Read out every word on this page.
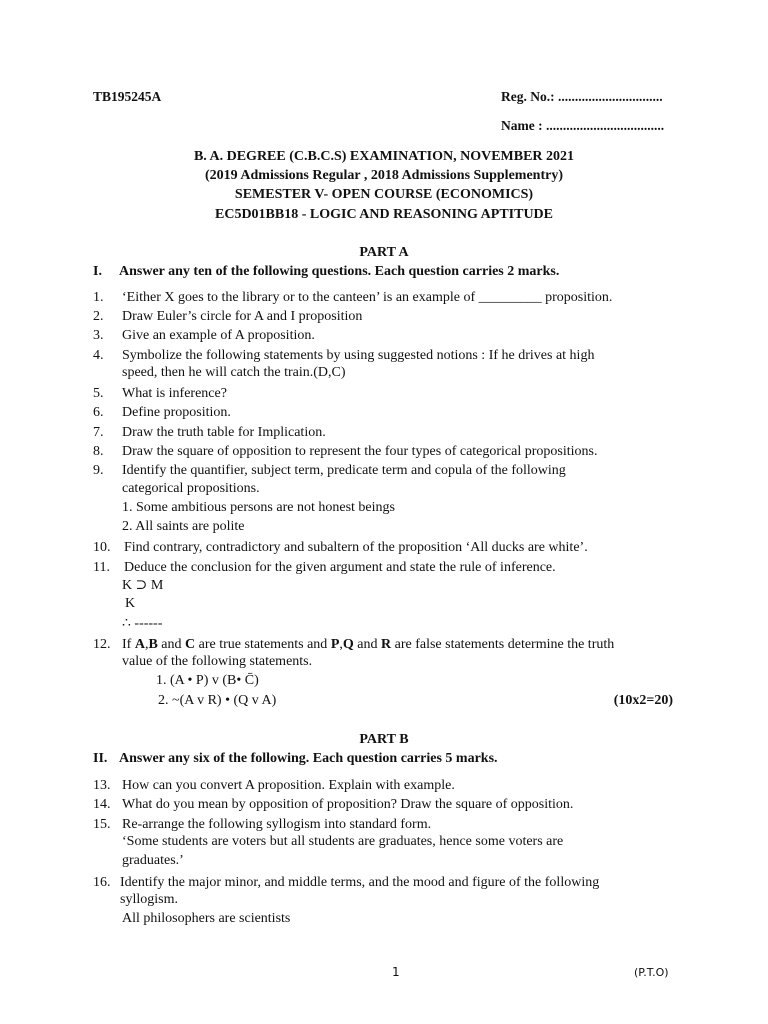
TB195245A	Reg. No.: ...............................
Name : ...................................
B. A. DEGREE (C.B.C.S) EXAMINATION, NOVEMBER 2021
(2019 Admissions Regular , 2018 Admissions Supplementry)
SEMESTER V- OPEN COURSE (ECONOMICS)
EC5D01BB18 - LOGIC AND REASONING APTITUDE
PART A
I. Answer any ten of the following questions. Each question carries 2 marks.
1. ‘Either X goes to the library or to the canteen’ is an example of _________ proposition.
2. Draw Euler’s circle for A and I proposition
3. Give an example of A proposition.
4. Symbolize the following statements by using suggested notions : If he drives at high
speed, then he will catch the train.(D,C)
5. What is inference?
6. Define proposition.
7. Draw the truth table for Implication.
8. Draw the square of opposition to represent the four types of categorical propositions.
9. Identify the quantifier, subject term, predicate term and copula of the following
categorical propositions.
1. Some ambitious persons are not honest beings
2. All saints are polite
10. Find contrary, contradictory and subaltern of the proposition ‘All ducks are white’.
11. Deduce the conclusion for the given argument and state the rule of inference.
K ⊃ M
K
∴ ------
12. If A,B and C are true statements and P,Q and R are false statements determine the truth
value of the following statements.
1. (A • P) v (B• C̄)
2. ~(A v R) • (Q v A)	(10x2=20)
PART B
II. Answer any six of the following. Each question carries 5 marks.
13. How can you convert A proposition. Explain with example.
14. What do you mean by opposition of proposition? Draw the square of opposition.
15. Re-arrange the following syllogism into standard form.
‘Some students are voters but all students are graduates, hence some voters are
graduates.’
16. Identify the major minor, and middle terms, and the mood and figure of the following
syllogism.
All philosophers are scientists
1	(P.T.O)
